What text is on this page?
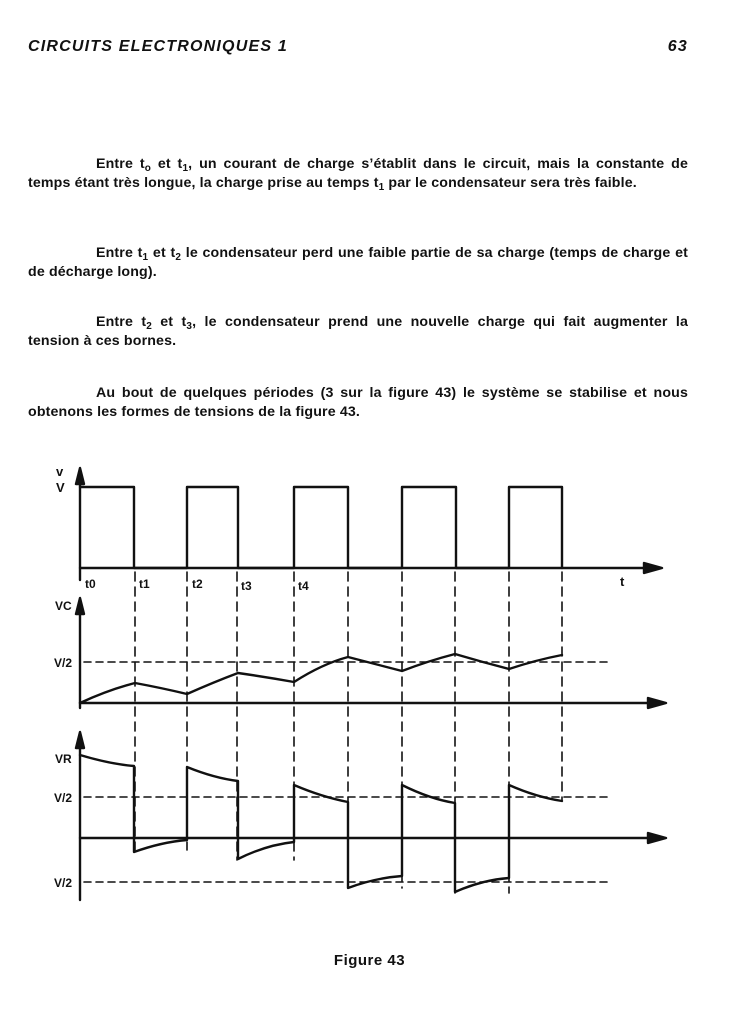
CIRCUITS ELECTRONIQUES 1	63
Entre $t_o$ et $t_1$, un courant de charge s’établit dans le circuit, mais la constante de temps étant très longue, la charge prise au temps $t_1$ par le condensateur sera très faible.
Entre $t_1$ et $t_2$ le condensateur perd une faible partie de sa charge (temps de charge et de décharge long).
Entre $t_2$ et $t_3$, le condensateur prend une nouvelle charge qui fait augmenter la tension à ces bornes.
Au bout de quelques périodes (3 sur la figure 43) le système se stabilise et nous obtenons les formes de tensions de la figure 43.
v
V
t
t0	t1	t2	t3	t4
VC
V/2
VR
V/2
V/2
Figure 43
